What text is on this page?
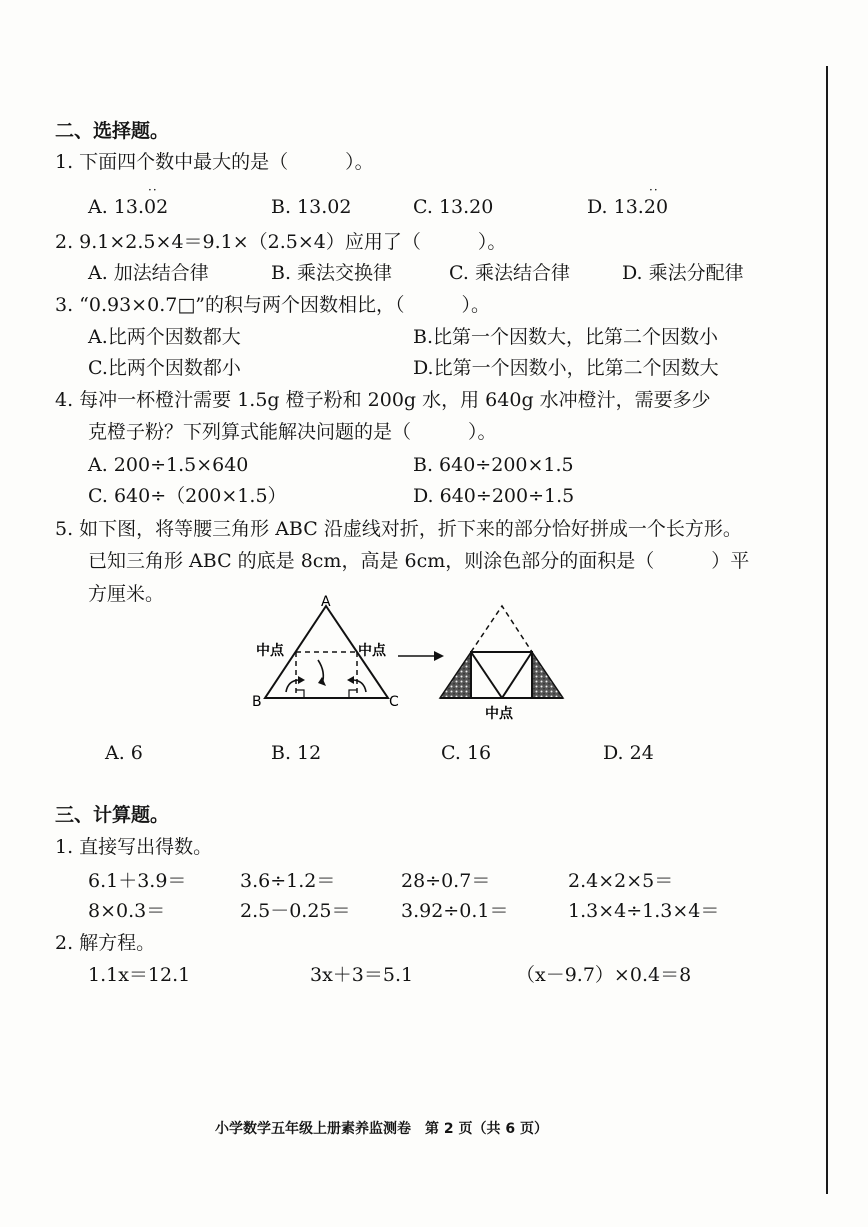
二、选择题。
1. 下面四个数中最大的是（　　　）。
··	··
A. 13.02	B. 13.02	C. 13.20	D. 13.20
2. 9.1×2.5×4＝9.1×（2.5×4）应用了（　　　）。
A. 加法结合律	B. 乘法交换律	C. 乘法结合律	D. 乘法分配律
3. “0.93×0.7□”的积与两个因数相比，（　　　）。
A.比两个因数都大	B.比第一个因数大，比第二个因数小
C.比两个因数都小	D.比第一个因数小，比第二个因数大
4. 每冲一杯橙汁需要 1.5g 橙子粉和 200g 水，用 640g 水冲橙汁，需要多少
克橙子粉？下列算式能解决问题的是（　　　）。
A. 200÷1.5×640	B. 640÷200×1.5
C. 640÷（200×1.5）	D. 640÷200÷1.5
5. 如下图，将等腰三角形 ABC 沿虚线对折，折下来的部分恰好拼成一个长方形。
已知三角形 ABC 的底是 8cm，高是 6cm，则涂色部分的面积是（　　　）平
方厘米。	A
B	C
中点	中点
中点
A. 6	B. 12	C. 16	D. 24
三、计算题。
1. 直接写出得数。
6.1＋3.9＝	3.6÷1.2＝	28÷0.7＝	2.4×2×5＝
8×0.3＝	2.5－0.25＝	3.92÷0.1＝	1.3×4÷1.3×4＝
2. 解方程。
1.1x＝12.1	3x＋3＝5.1	（x－9.7）×0.4＝8
小学数学五年级上册素养监测卷　第 2 页（共 6 页）
